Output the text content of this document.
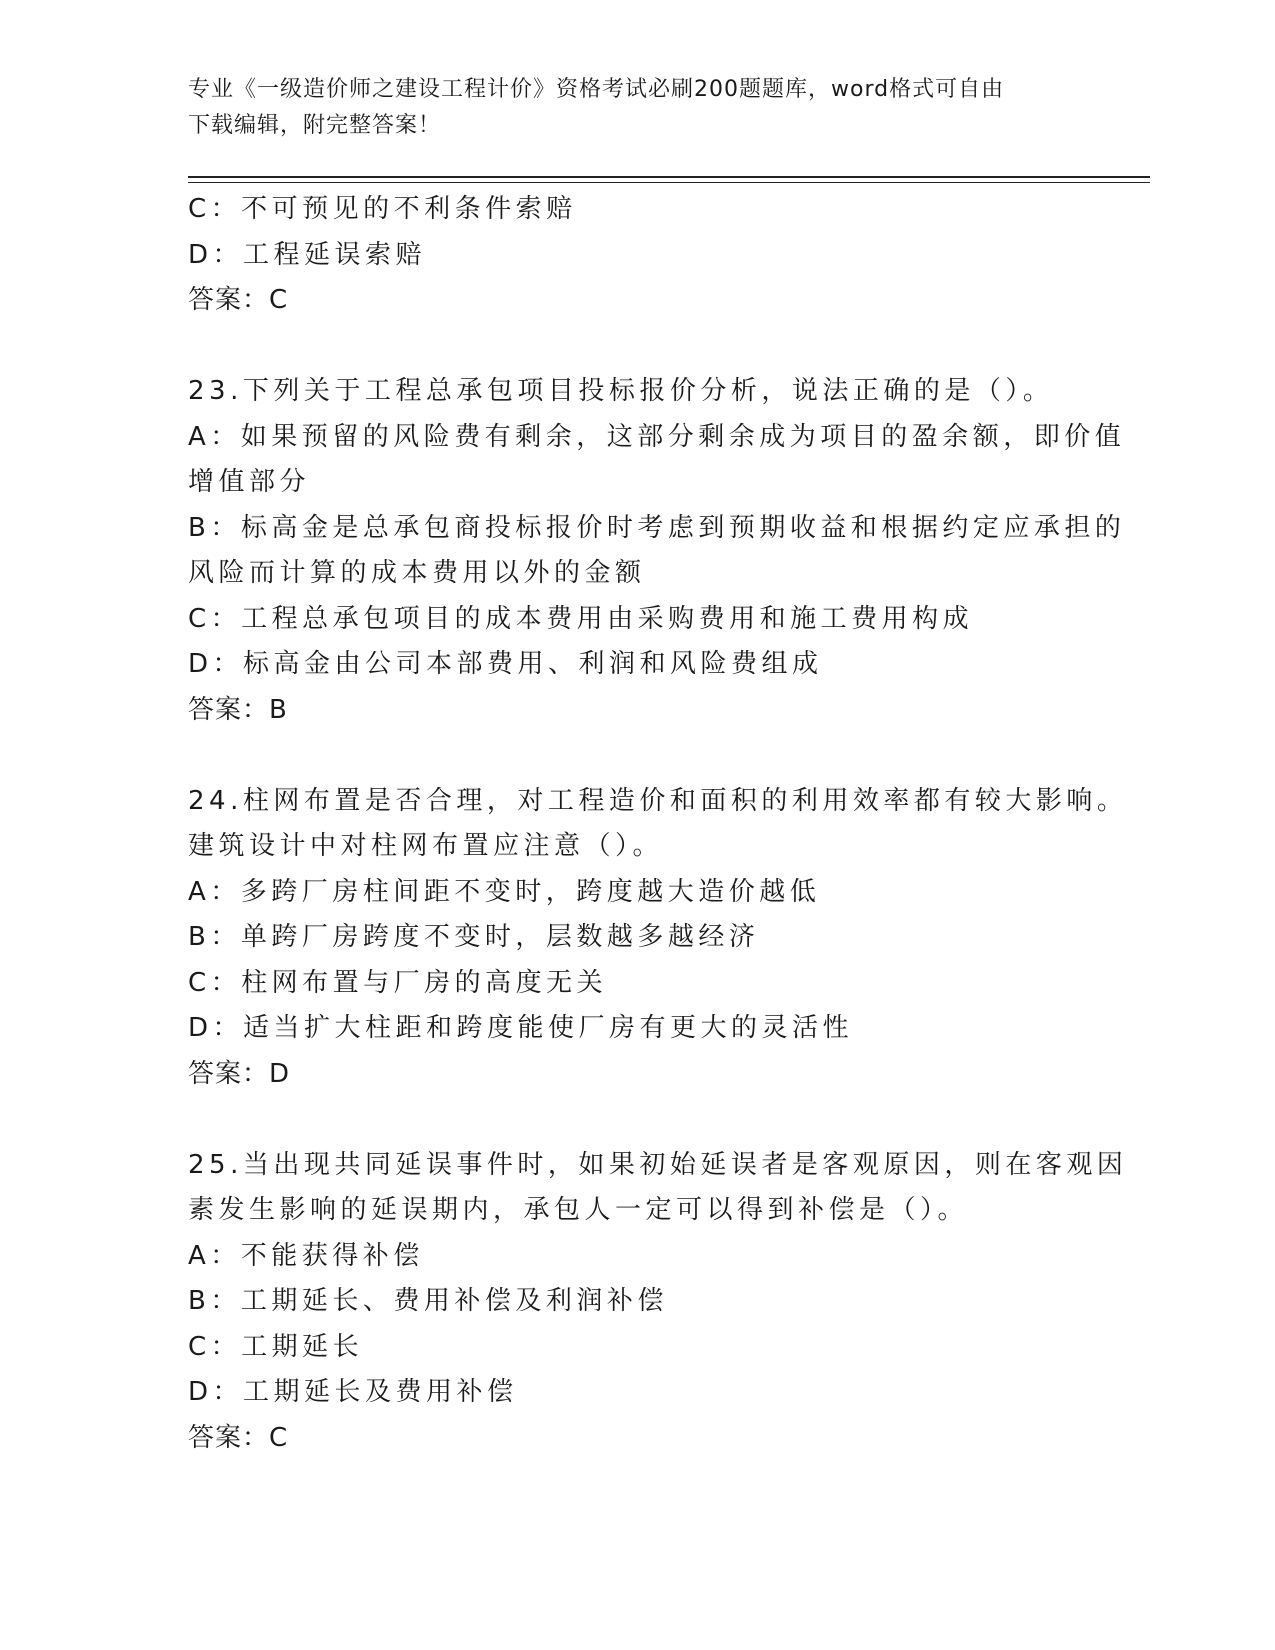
专业《一级造价师之建设工程计价》资格考试必刷200题题库，word格式可自由
下载编辑，附完整答案！
C：不可预见的不利条件索赔
D：工程延误索赔
答案：C
23.下列关于工程总承包项目投标报价分析，说法正确的是（）。
A：如果预留的风险费有剩余，这部分剩余成为项目的盈余额，即价值
增值部分
B：标高金是总承包商投标报价时考虑到预期收益和根据约定应承担的
风险而计算的成本费用以外的金额
C：工程总承包项目的成本费用由采购费用和施工费用构成
D：标高金由公司本部费用、利润和风险费组成
答案：B
24.柱网布置是否合理，对工程造价和面积的利用效率都有较大影响。
建筑设计中对柱网布置应注意（）。
A：多跨厂房柱间距不变时，跨度越大造价越低
B：单跨厂房跨度不变时，层数越多越经济
C：柱网布置与厂房的高度无关
D：适当扩大柱距和跨度能使厂房有更大的灵活性
答案：D
25.当出现共同延误事件时，如果初始延误者是客观原因，则在客观因
素发生影响的延误期内，承包人一定可以得到补偿是（）。
A：不能获得补偿
B：工期延长、费用补偿及利润补偿
C：工期延长
D：工期延长及费用补偿
答案：C
